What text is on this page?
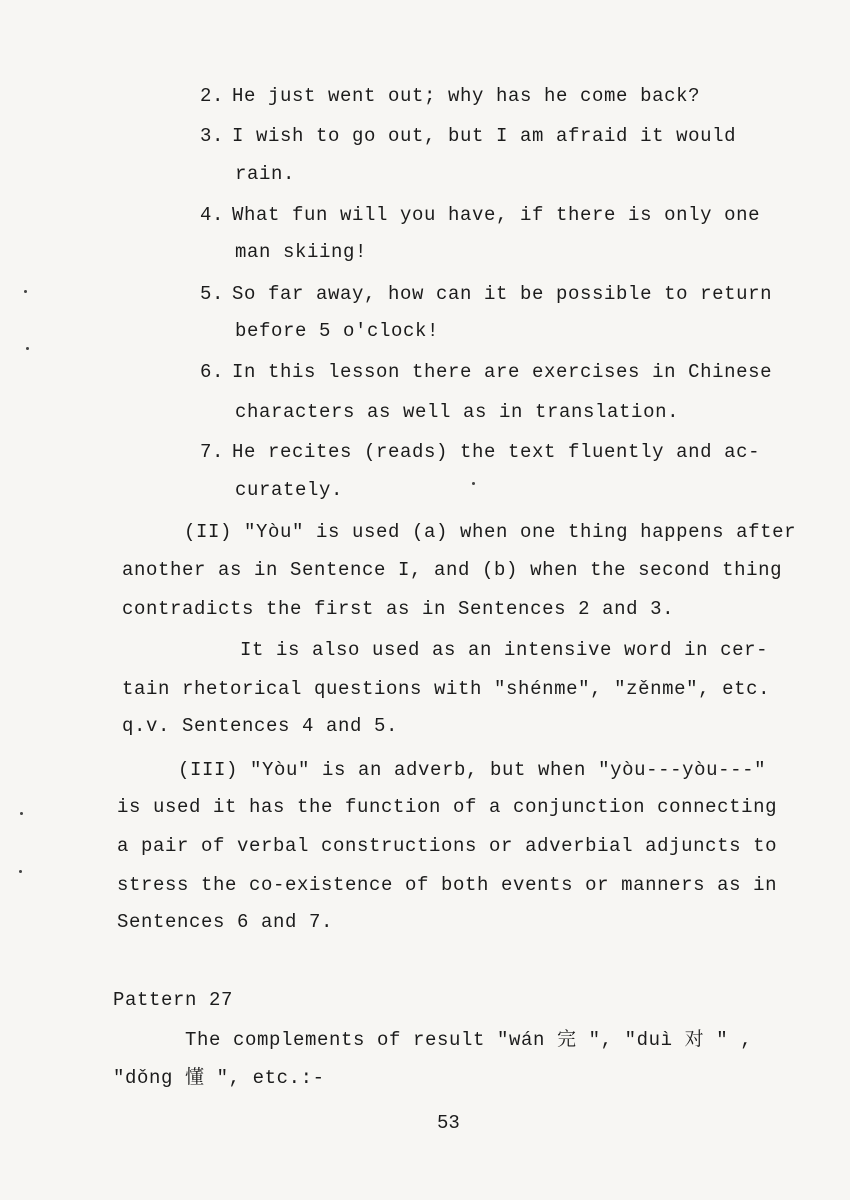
2. He just went out; why has he come back?
3. I wish to go out, but I am afraid it would
rain.
4. What fun will you have, if there is only one
man skiing!
5. So far away, how can it be possible to return
before 5 o'clock!
6. In this lesson there are exercises in Chinese
characters as well as in translation.
7. He recites (reads) the text fluently and ac-
curately.
(II) "Yòu" is used (a) when one thing happens after
another as in Sentence I, and (b) when the second thing
contradicts the first as in Sentences 2 and 3.
It is also used as an intensive word in cer-
tain rhetorical questions with "shénme", "zěnme", etc.
q.v. Sentences 4 and 5.
(III) "Yòu" is an adverb, but when "yòu---yòu---"
is used it has the function of a conjunction connecting
a pair of verbal constructions or adverbial adjuncts to
stress the co-existence of both events or manners as in
Sentences 6 and 7.
Pattern 27
The complements of result "wán 完 ", "duì 对 " ,
"dǒng 懂 ", etc.:-
53
